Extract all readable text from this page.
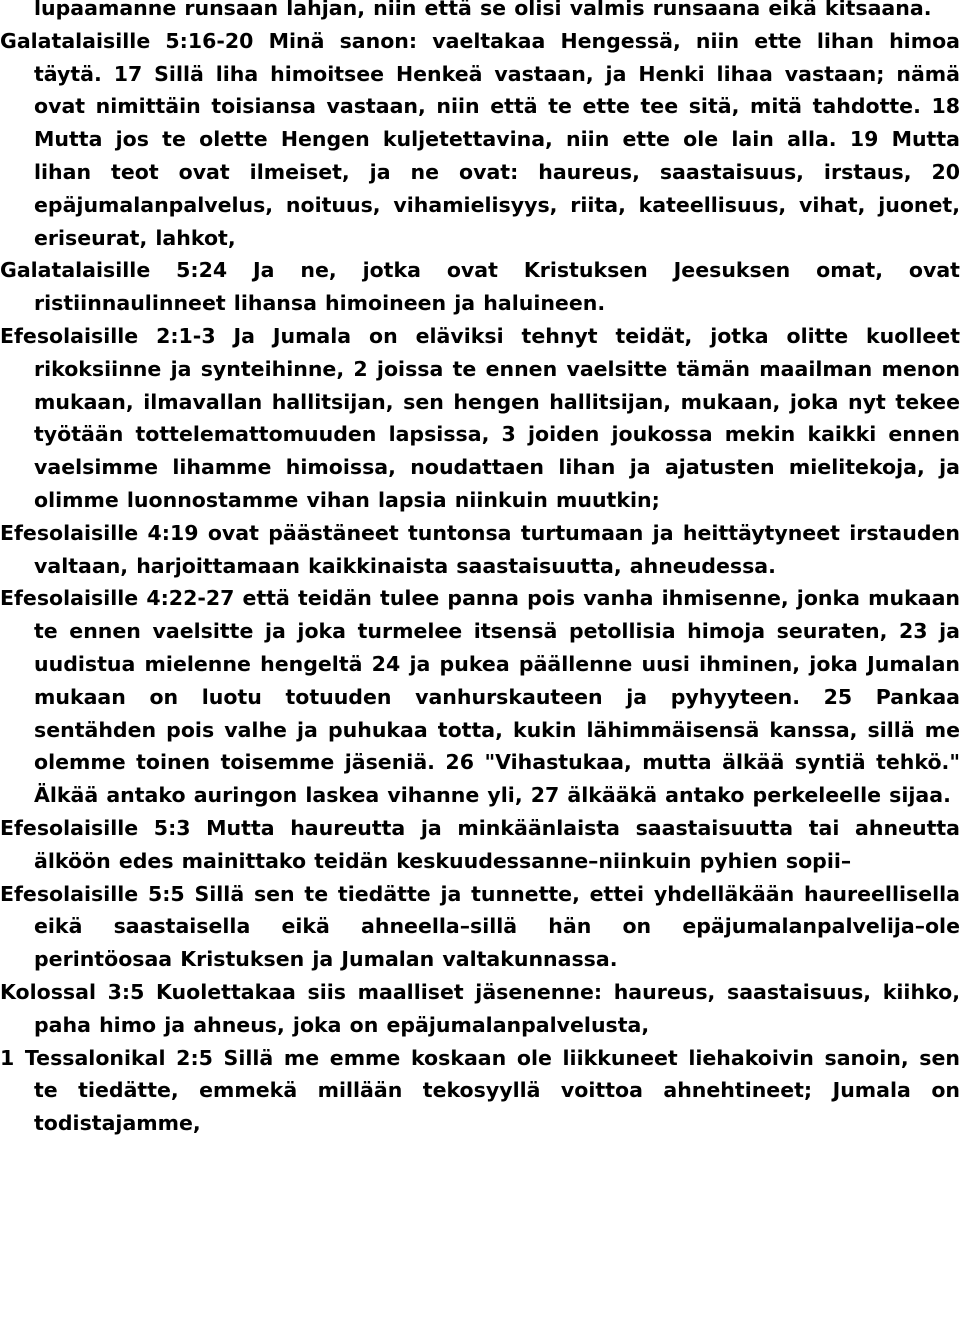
lupaamanne runsaan lahjan, niin että se olisi valmis runsaana eikä kitsaana.

Galatalaisille 5:16-20 Minä sanon: vaeltakaa Hengessä, niin ette lihan himoa täytä. 17 Sillä liha himoitsee Henkeä vastaan, ja Henki lihaa vastaan; nämä ovat nimittäin toisiansa vastaan, niin että te ette tee sitä, mitä tahdotte. 18 Mutta jos te olette Hengen kuljetettavina, niin ette ole lain alla. 19 Mutta lihan teot ovat ilmeiset, ja ne ovat: haureus, saastaisuus, irstaus, 20 epäjumalanpalvelus, noituus, vihamielisyys, riita, kateellisuus, vihat, juonet, eriseurat, lahkot,

Galatalaisille 5:24 Ja ne, jotka ovat Kristuksen Jeesuksen omat, ovat ristiinnaulinneet lihansa himoineen ja haluineen.

Efesolaisille 2:1-3 Ja Jumala on eläviksi tehnyt teidät, jotka olitte kuolleet rikoksiinne ja synteihinne, 2 joissa te ennen vaelsitte tämän maailman menon mukaan, ilmavallan hallitsijan, sen hengen hallitsijan, mukaan, joka nyt tekee työtään tottelemattomuuden lapsissa, 3 joiden joukossa mekin kaikki ennen vaelsimme lihamme himoissa, noudattaen lihan ja ajatusten mielitekoja, ja olimme luonnostamme vihan lapsia niinkuin muutkin;

Efesolaisille 4:19 ovat päästäneet tuntonsa turtumaan ja heittäytyneet irstauden valtaan, harjoittamaan kaikkinaista saastaisuutta, ahneudessa.

Efesolaisille 4:22-27 että teidän tulee panna pois vanha ihmisenne, jonka mukaan te ennen vaelsitte ja joka turmelee itsensä petollisia himoja seuraten, 23 ja uudistua mielenne hengeltä 24 ja pukea päällenne uusi ihminen, joka Jumalan mukaan on luotu totuuden vanhurskauteen ja pyhyyteen. 25 Pankaa sentähden pois valhe ja puhukaa totta, kukin lähimmäisensä kanssa, sillä me olemme toinen toisemme jäseniä. 26 "Vihastukaa, mutta älkää syntiä tehkö." Älkää antako auringon laskea vihanne yli, 27 älkääkä antako perkeleelle sijaa.

Efesolaisille 5:3 Mutta haureutta ja minkäänlaista saastaisuutta tai ahneutta älköön edes mainittako teidän keskuudessanne–niinkuin pyhien sopii–

Efesolaisille 5:5 Sillä sen te tiedätte ja tunnette, ettei yhdelläkään haureellisella eikä saastaisella eikä ahneella–sillä hän on epäjumalanpalvelija–ole perintöosaa Kristuksen ja Jumalan valtakunnassa.

Kolossal 3:5 Kuolettakaa siis maalliset jäsenenne: haureus, saastaisuus, kiihko, paha himo ja ahneus, joka on epäjumalanpalvelusta,

1 Tessalonikal 2:5 Sillä me emme koskaan ole liikkuneet liehakoivin sanoin, sen te tiedätte, emmekä millään tekosyyllä voittoa ahnehtineet; Jumala on todistajamme,
